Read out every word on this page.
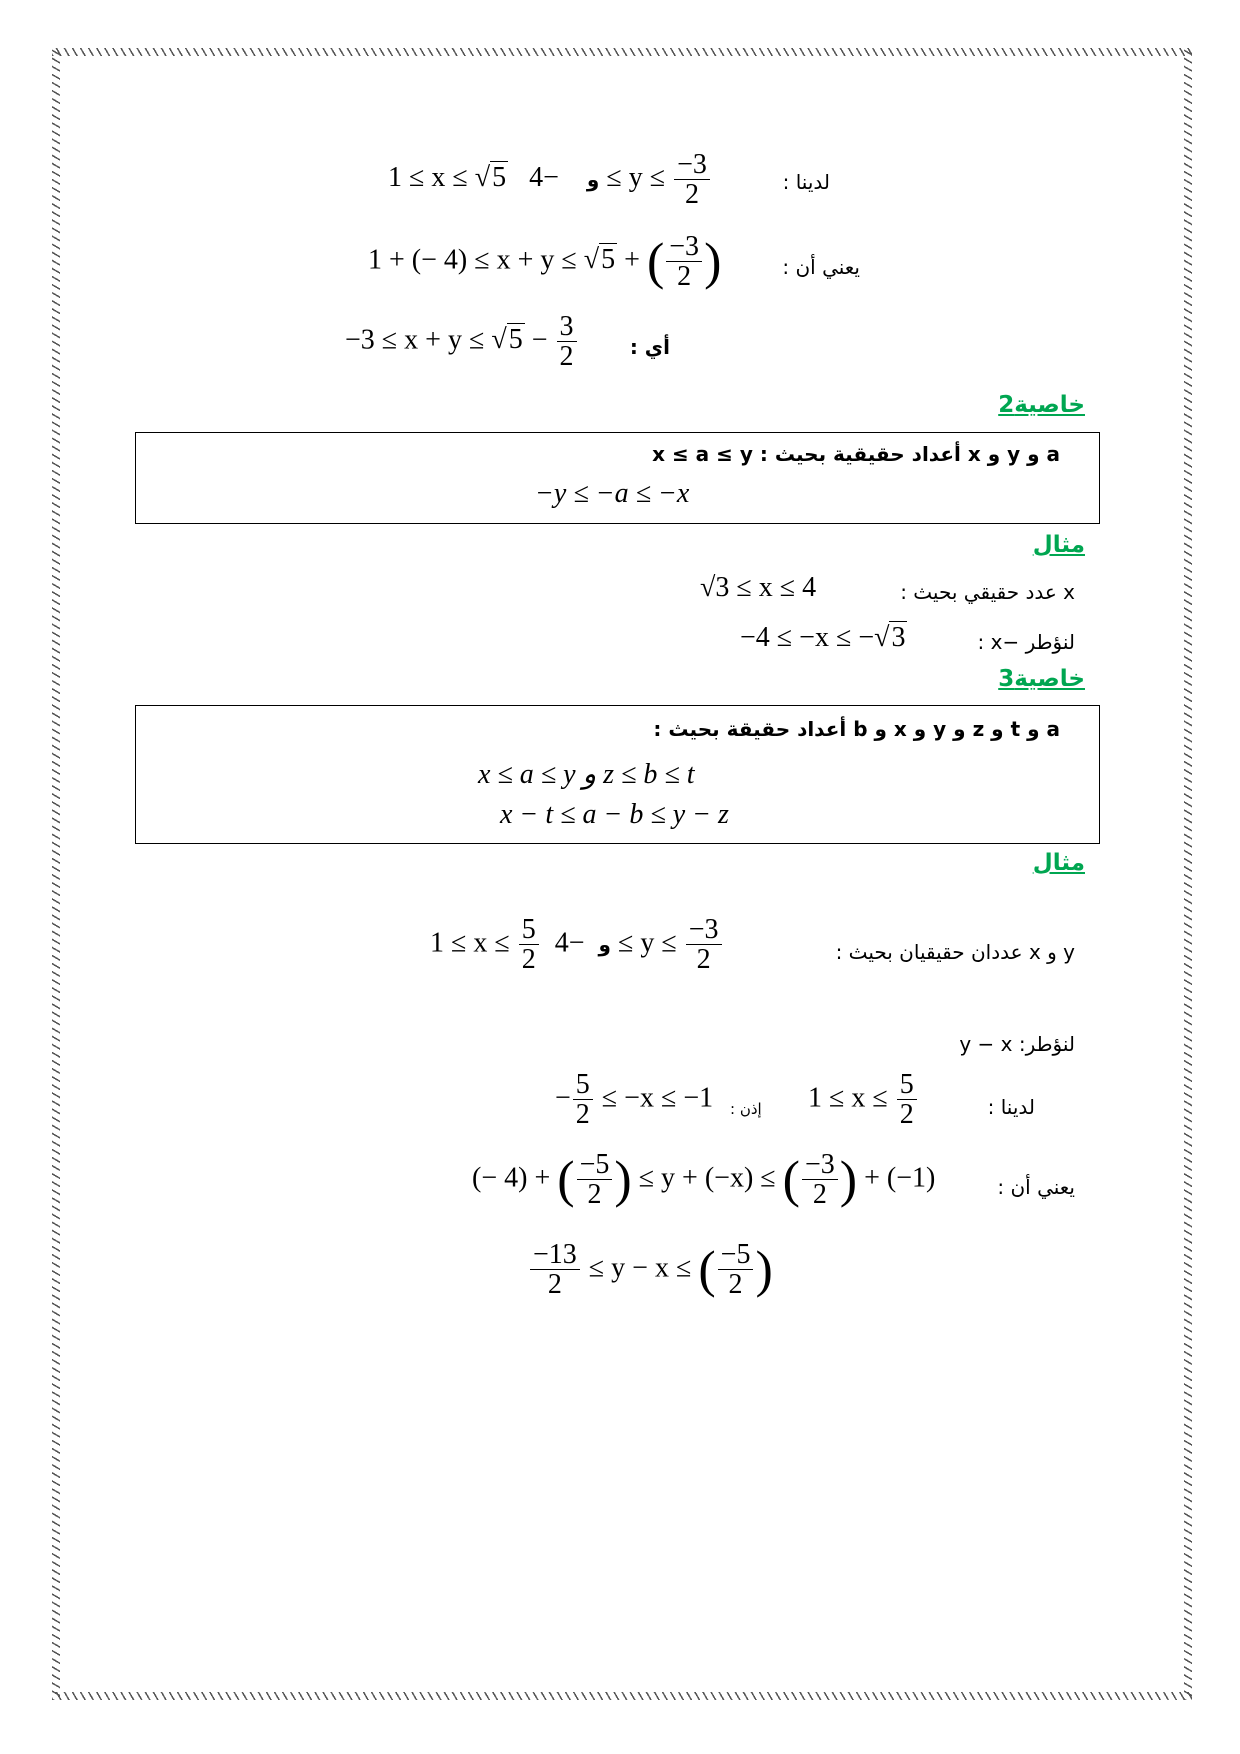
لدينا :
1 ≤ x ≤ √5	و    $-4 \le y \le \frac{-3}{2}$
يعني أن :
1 + (− 4) ≤ x + y ≤ √5 + ( $\frac{-3}{2}$ )
أي :
$-3 \le x + y \le √5 - \frac{3}{2}$
خاصية2
a و y و x أعداد حقيقية بحيث : x ≤ a ≤ y
−y ≤ −a ≤ −x
مثال
x عدد حقيقي بحيث :
√3 ≤ x ≤ 4
لنؤطر −x :
−4 ≤ −x ≤ −√3
خاصية3
a و t و z و y و x و b أعداد حقيقة بحيث :
x ≤ a ≤ y و z ≤ b ≤ t
x − t ≤ a − b ≤ y − z
مثال
y و x عددان حقيقيان بحيث :
$1 \le x \le \frac{5}{2}$	و  $-4 \le y \le \frac{-3}{2}$
لنؤطر: y − x
لدينا :
$1 \le x \le \frac{5}{2}$
إذن :
− $\frac{5}{2} \le -x \le -1$
يعني أن :
(− 4) + ( $\frac{-5}{2}$ ) ≤ y + (−x) ≤ ( $\frac{-3}{2}$ ) + (−1)
$\frac{-13}{2} \le y - x$ ≤ ( $\frac{-5}{2}$ )
